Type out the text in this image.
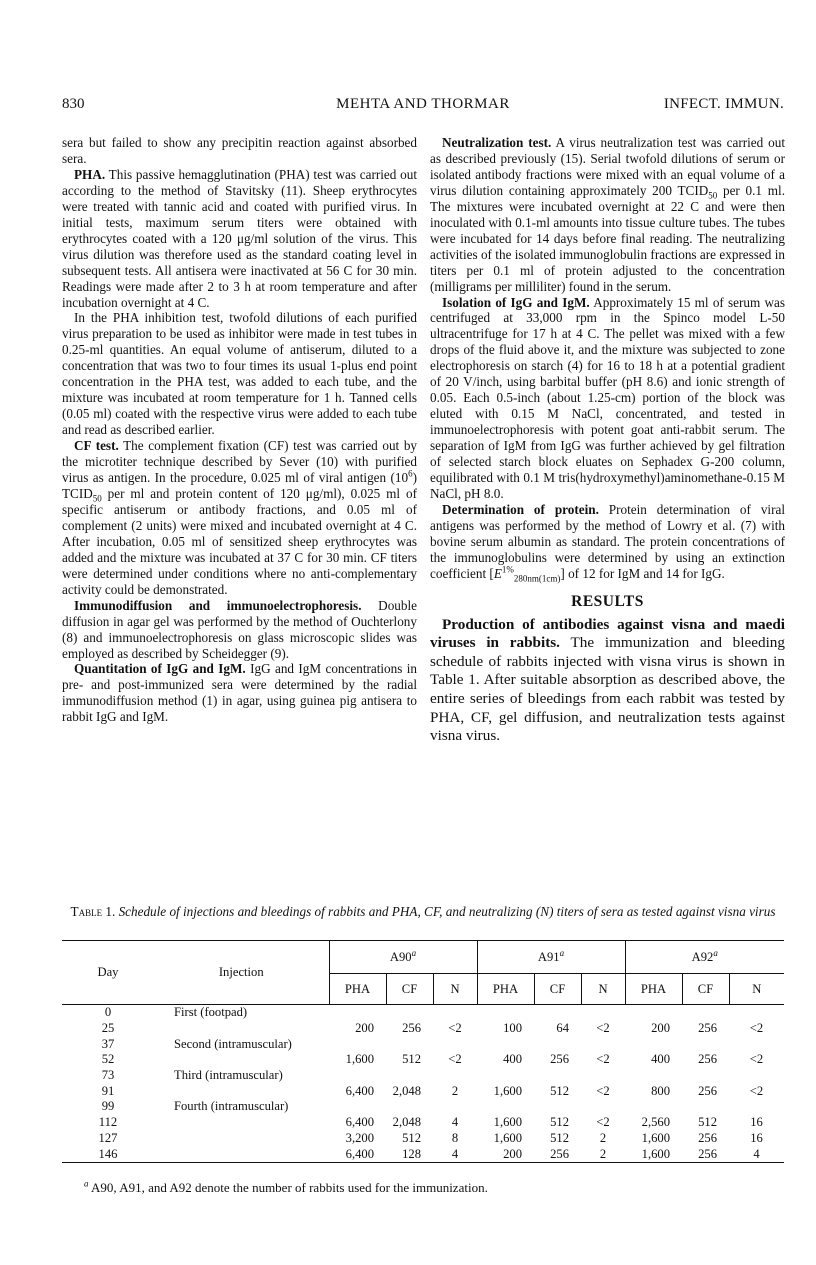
830	MEHTA AND THORMAR	INFECT. IMMUN.

sera but failed to show any precipitin reaction against absorbed sera.

PHA. This passive hemagglutination (PHA) test was carried out according to the method of Stavitsky (11). Sheep erythrocytes were treated with tannic acid and coated with purified virus. In initial tests, maximum serum titers were obtained with erythrocytes coated with a 120 μg/ml solution of the virus. This virus dilution was therefore used as the standard coating level in subsequent tests. All antisera were inactivated at 56 C for 30 min. Readings were made after 2 to 3 h at room temperature and after incubation overnight at 4 C.

In the PHA inhibition test, twofold dilutions of each purified virus preparation to be used as inhibitor were made in test tubes in 0.25-ml quantities. An equal volume of antiserum, diluted to a concentration that was two to four times its usual 1-plus end point concentration in the PHA test, was added to each tube, and the mixture was incubated at room temperature for 1 h. Tanned cells (0.05 ml) coated with the respective virus were added to each tube and read as described earlier.

CF test. The complement fixation (CF) test was carried out by the microtiter technique described by Sever (10) with purified virus as antigen. In the procedure, 0.025 ml of viral antigen $(10^6)$ $TCID_{50}$ per ml and protein content of 120 μg/ml), 0.025 ml of specific antiserum or antibody fractions, and 0.05 ml of complement (2 units) were mixed and incubated overnight at 4 C. After incubation, 0.05 ml of sensitized sheep erythrocytes was added and the mixture was incubated at 37 C for 30 min. CF titers were determined under conditions where no anti-complementary activity could be demonstrated.

Immunodiffusion and immunoelectrophoresis. Double diffusion in agar gel was performed by the method of Ouchterlony (8) and immunoelectrophoresis on glass microscopic slides was employed as described by Scheidegger (9).

Quantitation of IgG and IgM. IgG and IgM concentrations in pre- and post-immunized sera were determined by the radial immunodiffusion method (1) in agar, using guinea pig antisera to rabbit IgG and IgM.

Neutralization test. A virus neutralization test was carried out as described previously (15). Serial twofold dilutions of serum or isolated antibody fractions were mixed with an equal volume of a virus dilution containing approximately 200 $TCID_{50}$ per 0.1 ml. The mixtures were incubated overnight at 22 C and were then inoculated with 0.1-ml amounts into tissue culture tubes. The tubes were incubated for 14 days before final reading. The neutralizing activities of the isolated immunoglobulin fractions are expressed in titers per 0.1 ml of protein adjusted to the concentration (milligrams per milliliter) found in the serum.

Isolation of IgG and IgM. Approximately 15 ml of serum was centrifuged at 33,000 rpm in the Spinco model L-50 ultracentrifuge for 17 h at 4 C. The pellet was mixed with a few drops of the fluid above it, and the mixture was subjected to zone electrophoresis on starch (4) for 16 to 18 h at a potential gradient of 20 V/inch, using barbital buffer (pH 8.6) and ionic strength of 0.05. Each 0.5-inch (about 1.25-cm) portion of the block was eluted with 0.15 M NaCl, concentrated, and tested in immunoelectrophoresis with potent goat anti-rabbit serum. The separation of IgM from IgG was further achieved by gel filtration of selected starch block eluates on Sephadex G-200 column, equilibrated with 0.1 M tris(hydroxymethyl)aminomethane-0.15 M NaCl, pH 8.0.

Determination of protein. Protein determination of viral antigens was performed by the method of Lowry et al. (7) with bovine serum albumin as standard. The protein concentrations of the immunoglobulins were determined by using an extinction coefficient $[E^{1\%}_{280nm(1cm)}]$ of 12 for IgM and 14 for IgG.

RESULTS

Production of antibodies against visna and maedi viruses in rabbits. The immunization and bleeding schedule of rabbits injected with visna virus is shown in Table 1. After suitable absorption as described above, the entire series of bleedings from each rabbit was tested by PHA, CF, gel diffusion, and neutralization tests against visna virus.

Table 1. Schedule of injections and bleedings of rabbits and PHA, CF, and neutralizing (N) titers of sera as tested against visna virus
Day	Injection	A90$^a$			A91$^a$			A92$^a$
		PHA	CF	N	PHA	CF	N	PHA	CF	N
0	First (footpad)									
25		200	256	<2	100	64	<2	200	256	<2
37	Second (intramuscular)									
52		1,600	512	<2	400	256	<2	400	256	<2
73	Third (intramuscular)									
91		6,400	2,048	2	1,600	512	<2	800	256	<2
99	Fourth (intramuscular)									
112		6,400	2,048	4	1,600	512	<2	2,560	512	16
127		3,200	512	8	1,600	512	2	1,600	256	16
146		6,400	128	4	200	256	2	1,600	256	4
$^a$ A90, A91, and A92 denote the number of rabbits used for the immunization.
